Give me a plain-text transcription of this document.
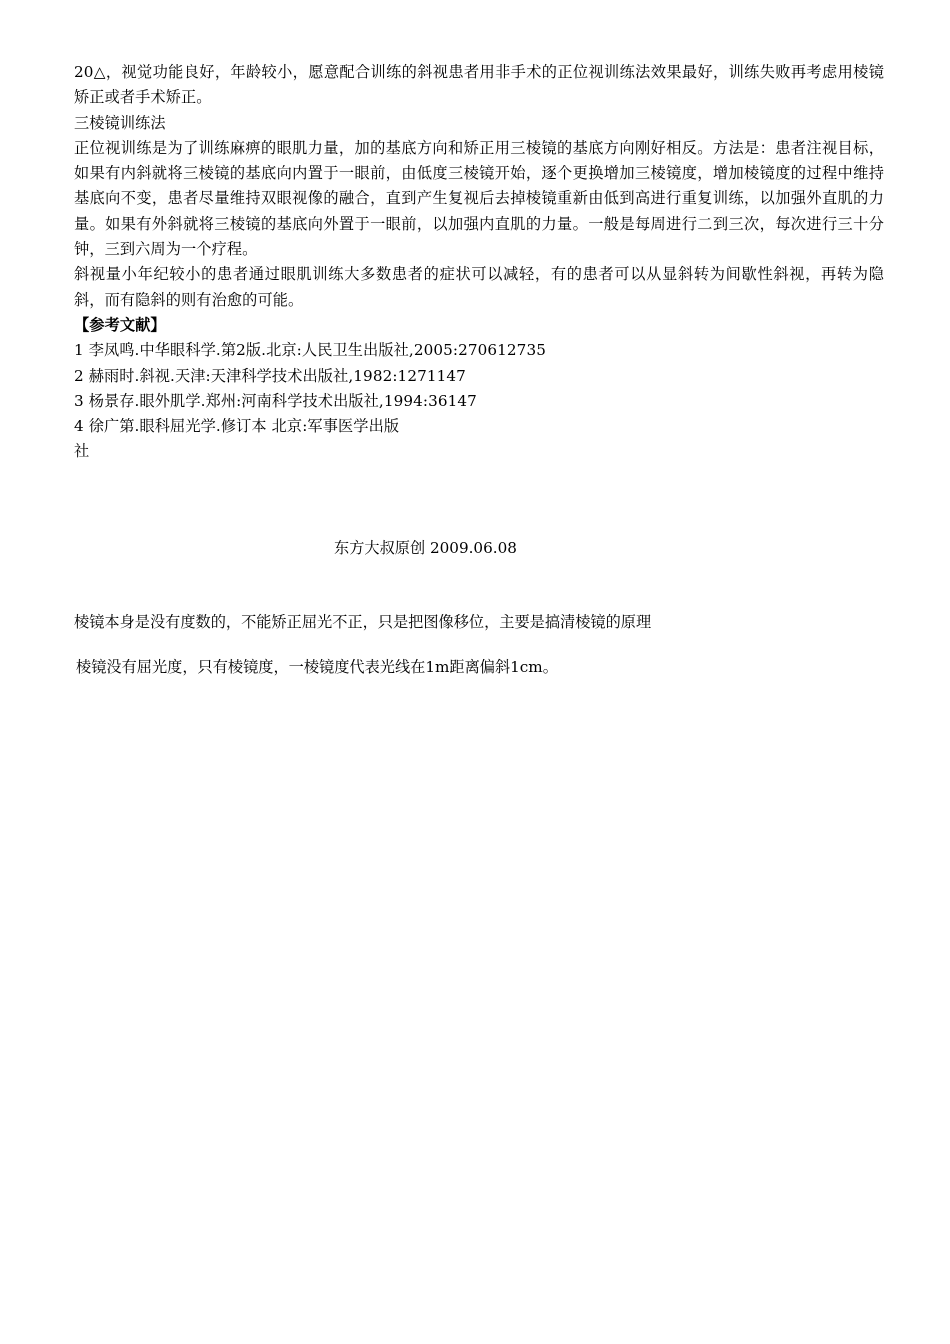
20△，视觉功能良好，年龄较小，愿意配合训练的斜视患者用非手术的正位视训练法效果最好，训练失败再考虑用棱镜矫正或者手术矫正。

三棱镜训练法

正位视训练是为了训练麻痹的眼肌力量，加的基底方向和矫正用三棱镜的基底方向刚好相反。方法是：患者注视目标，如果有内斜就将三棱镜的基底向内置于一眼前，由低度三棱镜开始，逐个更换增加三棱镜度，增加棱镜度的过程中维持基底向不变，患者尽量维持双眼视像的融合，直到产生复视后去掉棱镜重新由低到高进行重复训练，以加强外直肌的力量。如果有外斜就将三棱镜的基底向外置于一眼前，以加强内直肌的力量。一般是每周进行二到三次，每次进行三十分钟，三到六周为一个疗程。

斜视量小年纪较小的患者通过眼肌训练大多数患者的症状可以减轻，有的患者可以从显斜转为间歇性斜视，再转为隐斜，而有隐斜的则有治愈的可能。

【参考文献】

1 李凤鸣.中华眼科学.第2版.北京:人民卫生出版社,2005:270612735
2 赫雨时.斜视.天津:天津科学技术出版社,1982:1271147
3 杨景存.眼外肌学.郑州:河南科学技术出版社,1994:36147
4 徐广第.眼科屈光学.修订本 北京:军事医学出版
社
东方大叔原创 2009.06.08
棱镜本身是没有度数的，不能矫正屈光不正，只是把图像移位，主要是搞清棱镜的原理
棱镜没有屈光度，只有棱镜度，一棱镜度代表光线在1m距离偏斜1cm。
